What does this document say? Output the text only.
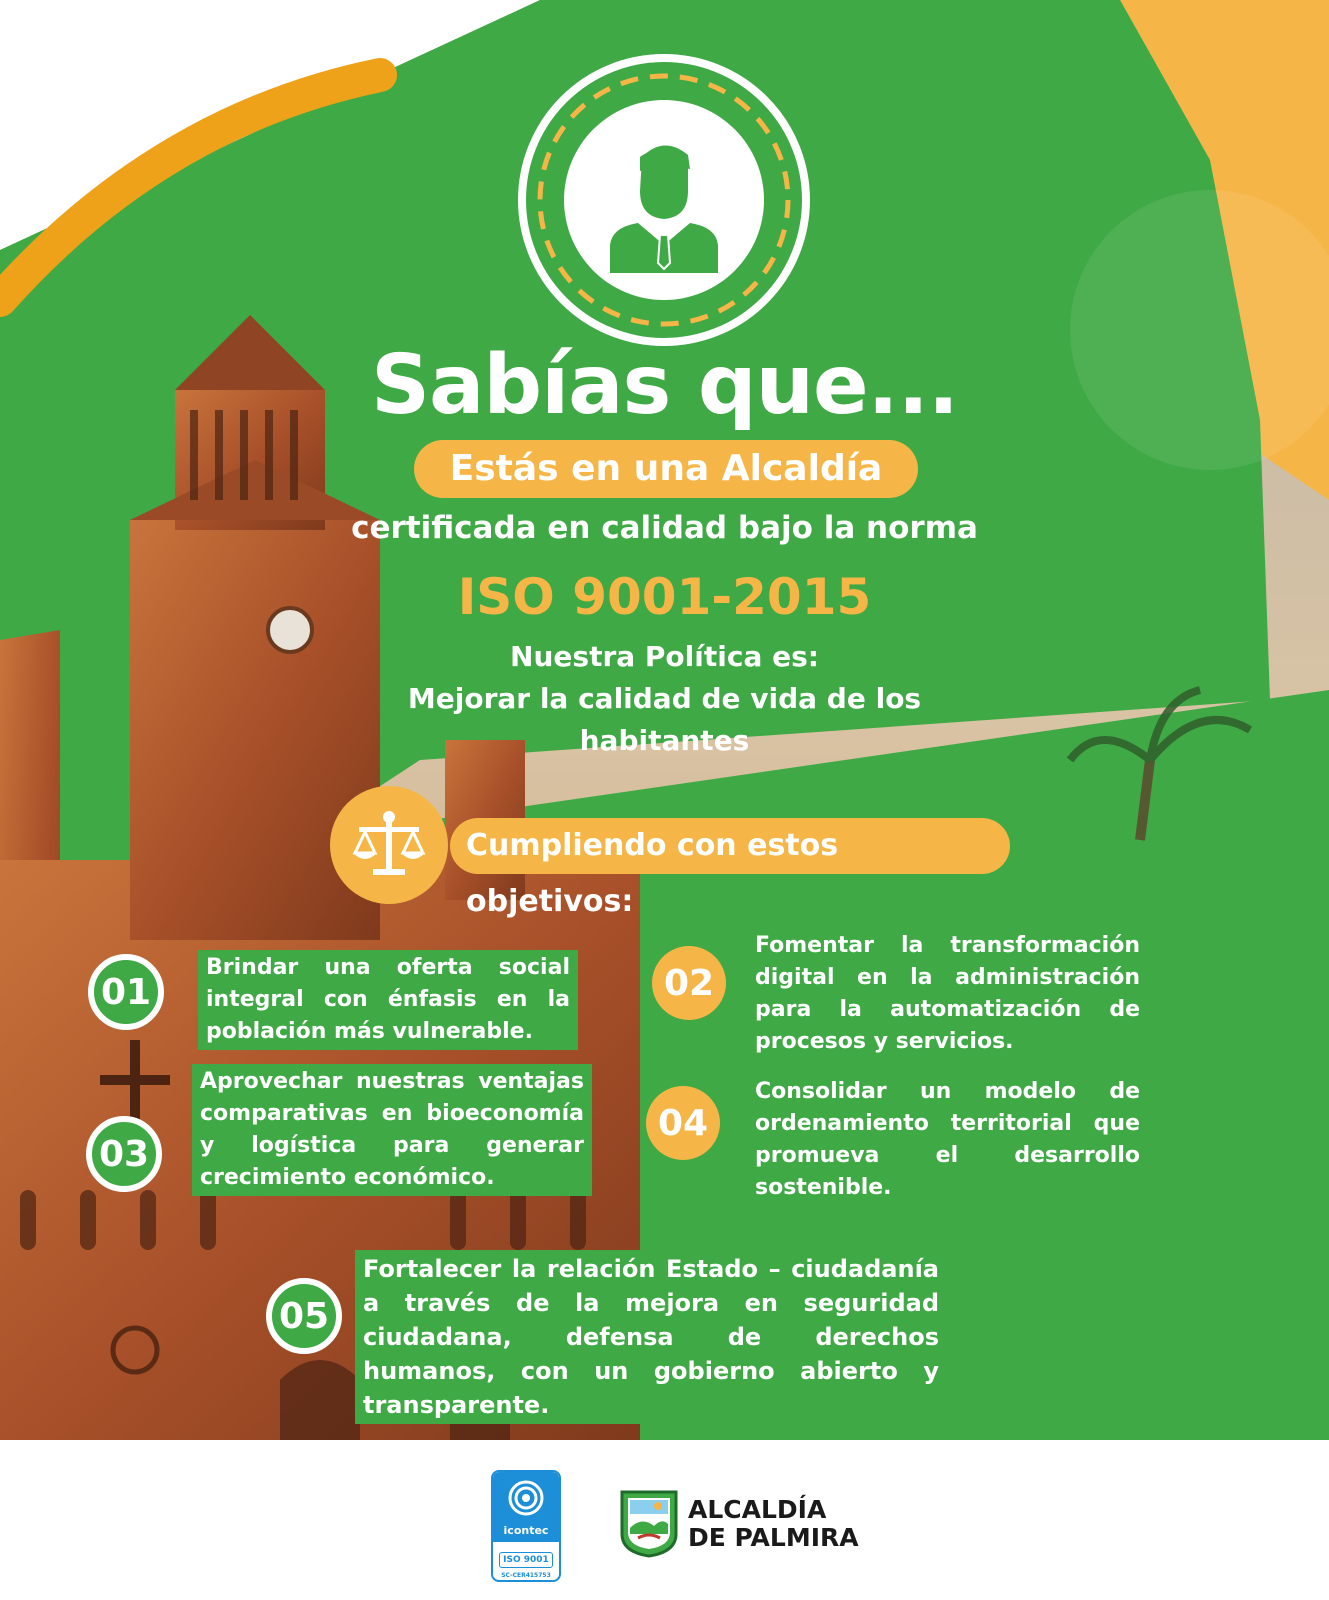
Sabías que...
Estás en una Alcaldía
certificada en calidad bajo la norma
ISO 9001-2015
Nuestra Política es:
Mejorar la calidad de vida de los
habitantes
Cumpliendo con estos objetivos:
01
Brindar una oferta social integral con énfasis en la población más vulnerable.
02
Fomentar la transformación digital en la administración para la automatización de procesos y servicios.
03
Aprovechar nuestras ventajas comparativas en bioeconomía y logística para generar crecimiento económico.
04
Consolidar un modelo de ordenamiento territorial que promueva el desarrollo sostenible.
05
Fortalecer la relación Estado – ciudadanía a través de la mejora en seguridad ciudadana, defensa de derechos humanos, con un gobierno abierto y transparente.
icontec
ISO 9001
SC-CER415753
ALCALDÍA
DE PALMIRA
